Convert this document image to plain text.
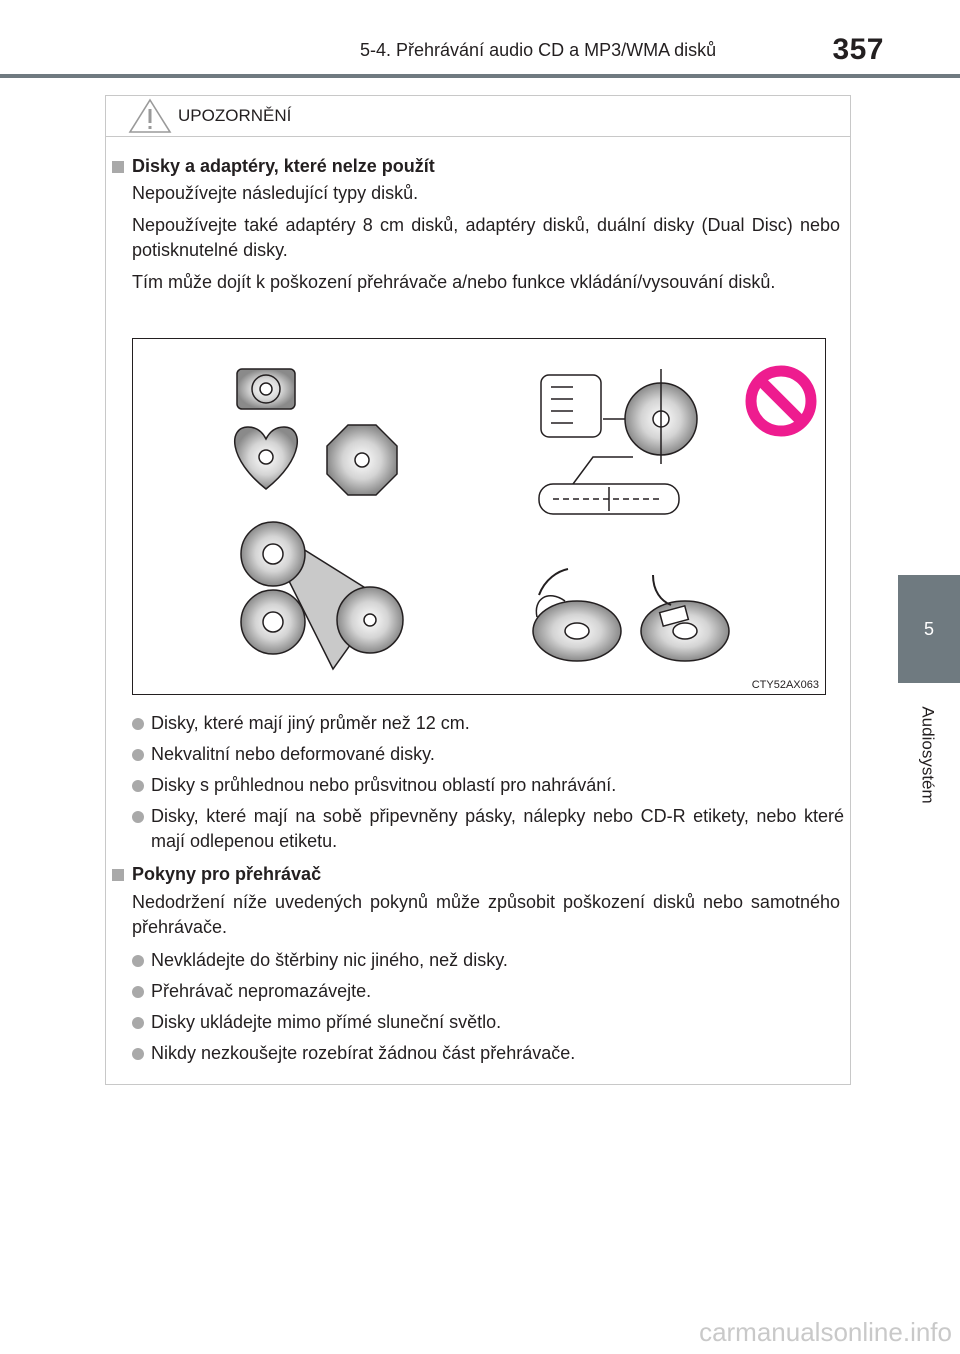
5-4. Přehrávání audio CD a MP3/WMA disků	357
5
Audiosystém
UPOZORNĚNÍ
Disky a adaptéry, které nelze použít
Nepoužívejte následující typy disků.
Nepoužívejte také adaptéry 8 cm disků, adaptéry disků, duální disky (Dual Disc) nebo potisknutelné disky.
Tím může dojít k poškození přehrávače a/nebo funkce vkládání/vysouvání disků.
CTY52AX063
Disky, které mají jiný průměr než 12 cm.
Nekvalitní nebo deformované disky.
Disky s průhlednou nebo průsvitnou oblastí pro nahrávání.
Disky, které mají na sobě připevněny pásky, nálepky nebo CD-R etikety, nebo které mají odlepenou etiketu.
Pokyny pro přehrávač
Nedodržení níže uvedených pokynů může způsobit poškození disků nebo samotného přehrávače.
Nevkládejte do štěrbiny nic jiného, než disky.
Přehrávač nepromazávejte.
Disky ukládejte mimo přímé sluneční světlo.
Nikdy nezkoušejte rozebírat žádnou část přehrávače.
carmanualsonline.info
